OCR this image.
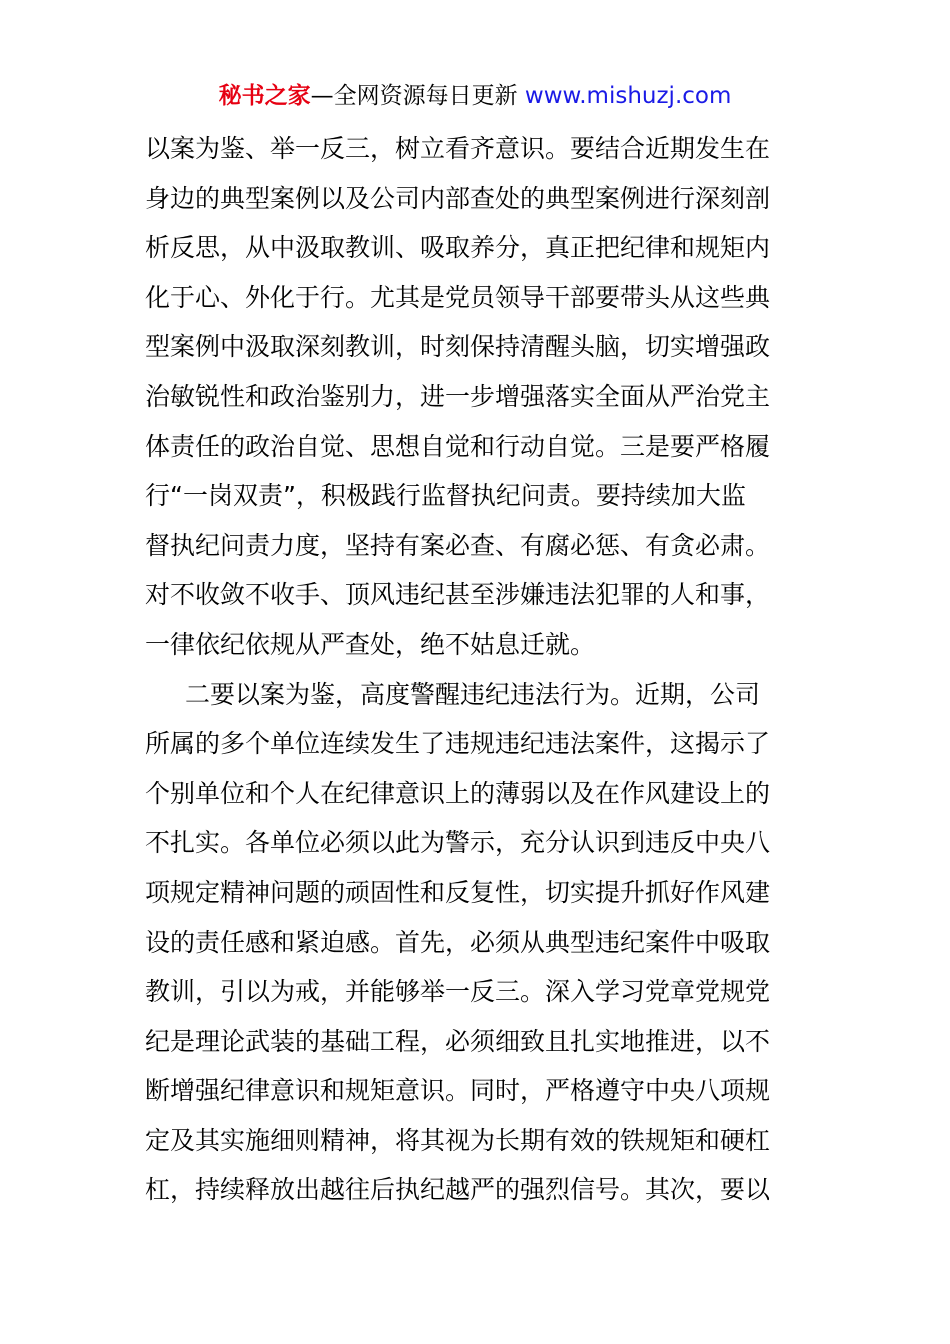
秘书之家—全网资源每日更新 www.mishuzj.com
以案为鉴、举一反三，树立看齐意识。要结合近期发生在
身边的典型案例以及公司内部查处的典型案例进行深刻剖
析反思，从中汲取教训、吸取养分，真正把纪律和规矩内
化于心、外化于行。尤其是党员领导干部要带头从这些典
型案例中汲取深刻教训，时刻保持清醒头脑，切实增强政
治敏锐性和政治鉴别力，进一步增强落实全面从严治党主
体责任的政治自觉、思想自觉和行动自觉。三是要严格履
行“一岗双责”，积极践行监督执纪问责。要持续加大监
督执纪问责力度，坚持有案必查、有腐必惩、有贪必肃。
对不收敛不收手、顶风违纪甚至涉嫌违法犯罪的人和事，
一律依纪依规从严查处，绝不姑息迁就。
二要以案为鉴，高度警醒违纪违法行为。近期，公司
所属的多个单位连续发生了违规违纪违法案件，这揭示了
个别单位和个人在纪律意识上的薄弱以及在作风建设上的
不扎实。各单位必须以此为警示，充分认识到违反中央八
项规定精神问题的顽固性和反复性，切实提升抓好作风建
设的责任感和紧迫感。首先，必须从典型违纪案件中吸取
教训，引以为戒，并能够举一反三。深入学习党章党规党
纪是理论武装的基础工程，必须细致且扎实地推进，以不
断增强纪律意识和规矩意识。同时，严格遵守中央八项规
定及其实施细则精神，将其视为长期有效的铁规矩和硬杠
杠，持续释放出越往后执纪越严的强烈信号。其次，要以
